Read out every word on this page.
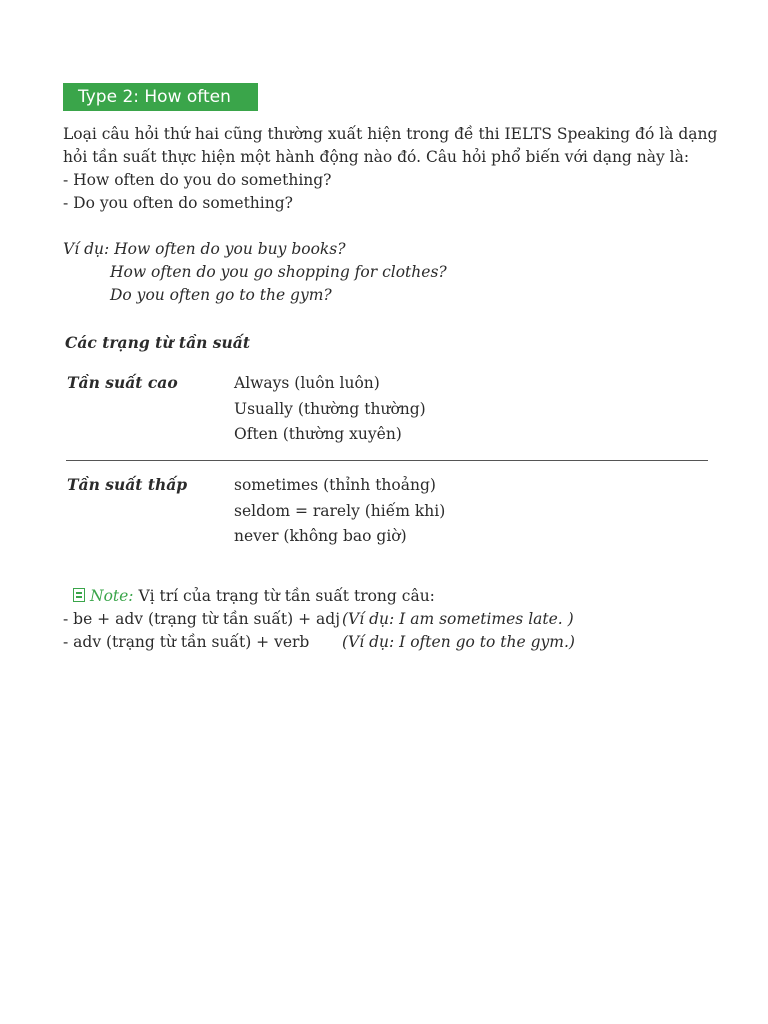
Type 2: How often
Loại câu hỏi thứ hai cũng thường xuất hiện trong đề thi IELTS Speaking đó là dạng
hỏi tần suất thực hiện một hành động nào đó. Câu hỏi phổ biến với dạng này là:
- How often do you do something?
- Do you often do something?
Ví dụ: How often do you buy books?
How often do you go shopping for clothes?
Do you often go to the gym?
Các trạng từ tần suất
Tần suất cao	Always (luôn luôn)
Usually (thường thường)
Often (thường xuyên)
Tần suất thấp	sometimes (thỉnh thoảng)
seldom = rarely (hiếm khi)
never (không bao giờ)
Note: Vị trí của trạng từ tần suất trong câu:
- be + adv (trạng từ tần suất) + adj (Ví dụ: I am sometimes late. )
- adv (trạng từ tần suất) + verb (Ví dụ: I often go to the gym.)
